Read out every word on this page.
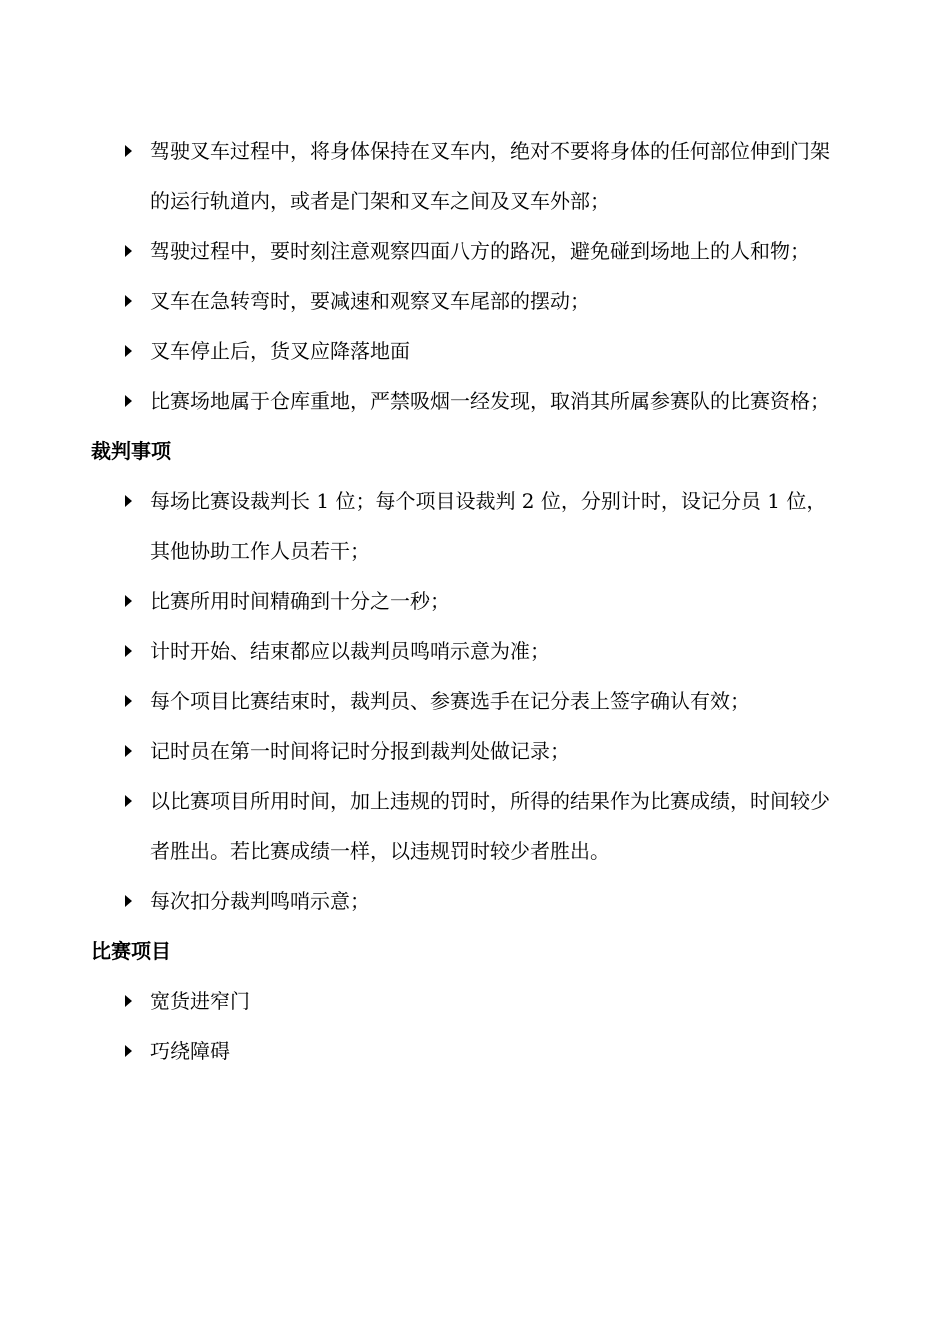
驾驶叉车过程中，将身体保持在叉车内，绝对不要将身体的任何部位伸到门架的运行轨道内，或者是门架和叉车之间及叉车外部；
驾驶过程中，要时刻注意观察四面八方的路况，避免碰到场地上的人和物；
叉车在急转弯时，要减速和观察叉车尾部的摆动；
叉车停止后，货叉应降落地面
比赛场地属于仓库重地，严禁吸烟一经发现，取消其所属参赛队的比赛资格；
裁判事项
每场比赛设裁判长 1 位；每个项目设裁判 2 位，分别计时，设记分员 1 位，其他协助工作人员若干；
比赛所用时间精确到十分之一秒；
计时开始、结束都应以裁判员鸣哨示意为准；
每个项目比赛结束时，裁判员、参赛选手在记分表上签字确认有效；
记时员在第一时间将记时分报到裁判处做记录；
以比赛项目所用时间，加上违规的罚时，所得的结果作为比赛成绩，时间较少者胜出。若比赛成绩一样，以违规罚时较少者胜出。
每次扣分裁判鸣哨示意；
比赛项目
宽货进窄门
巧绕障碍
